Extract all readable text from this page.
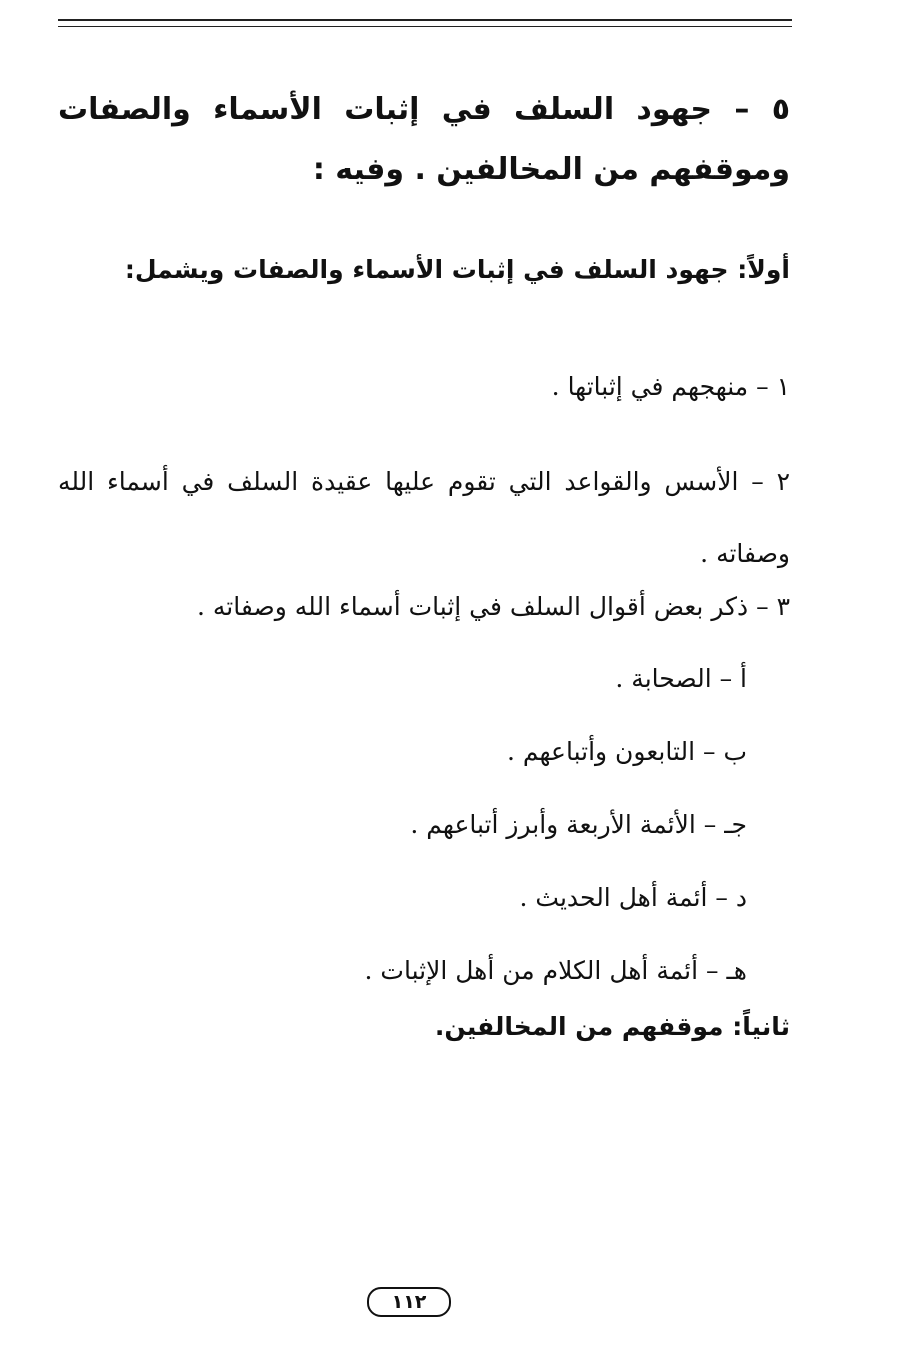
٥ – جهود السلف في إثبات الأسماء والصفات وموقفهم من المخالفين . وفيه :
أولاً: جهود السلف في إثبات الأسماء والصفات ويشمل:
١ – منهجهم في إثباتها .
٢ – الأسس والقواعد التي تقوم عليها عقيدة السلف في أسماء الله وصفاته .
٣ – ذكر بعض أقوال السلف في إثبات أسماء الله وصفاته .
أ – الصحابة .
ب – التابعون وأتباعهم .
جـ – الأئمة الأربعة وأبرز أتباعهم .
د – أئمة أهل الحديث .
هـ – أئمة أهل الكلام من أهل الإثبات .
ثانياً: موقفهم من المخالفين.
١١٢
